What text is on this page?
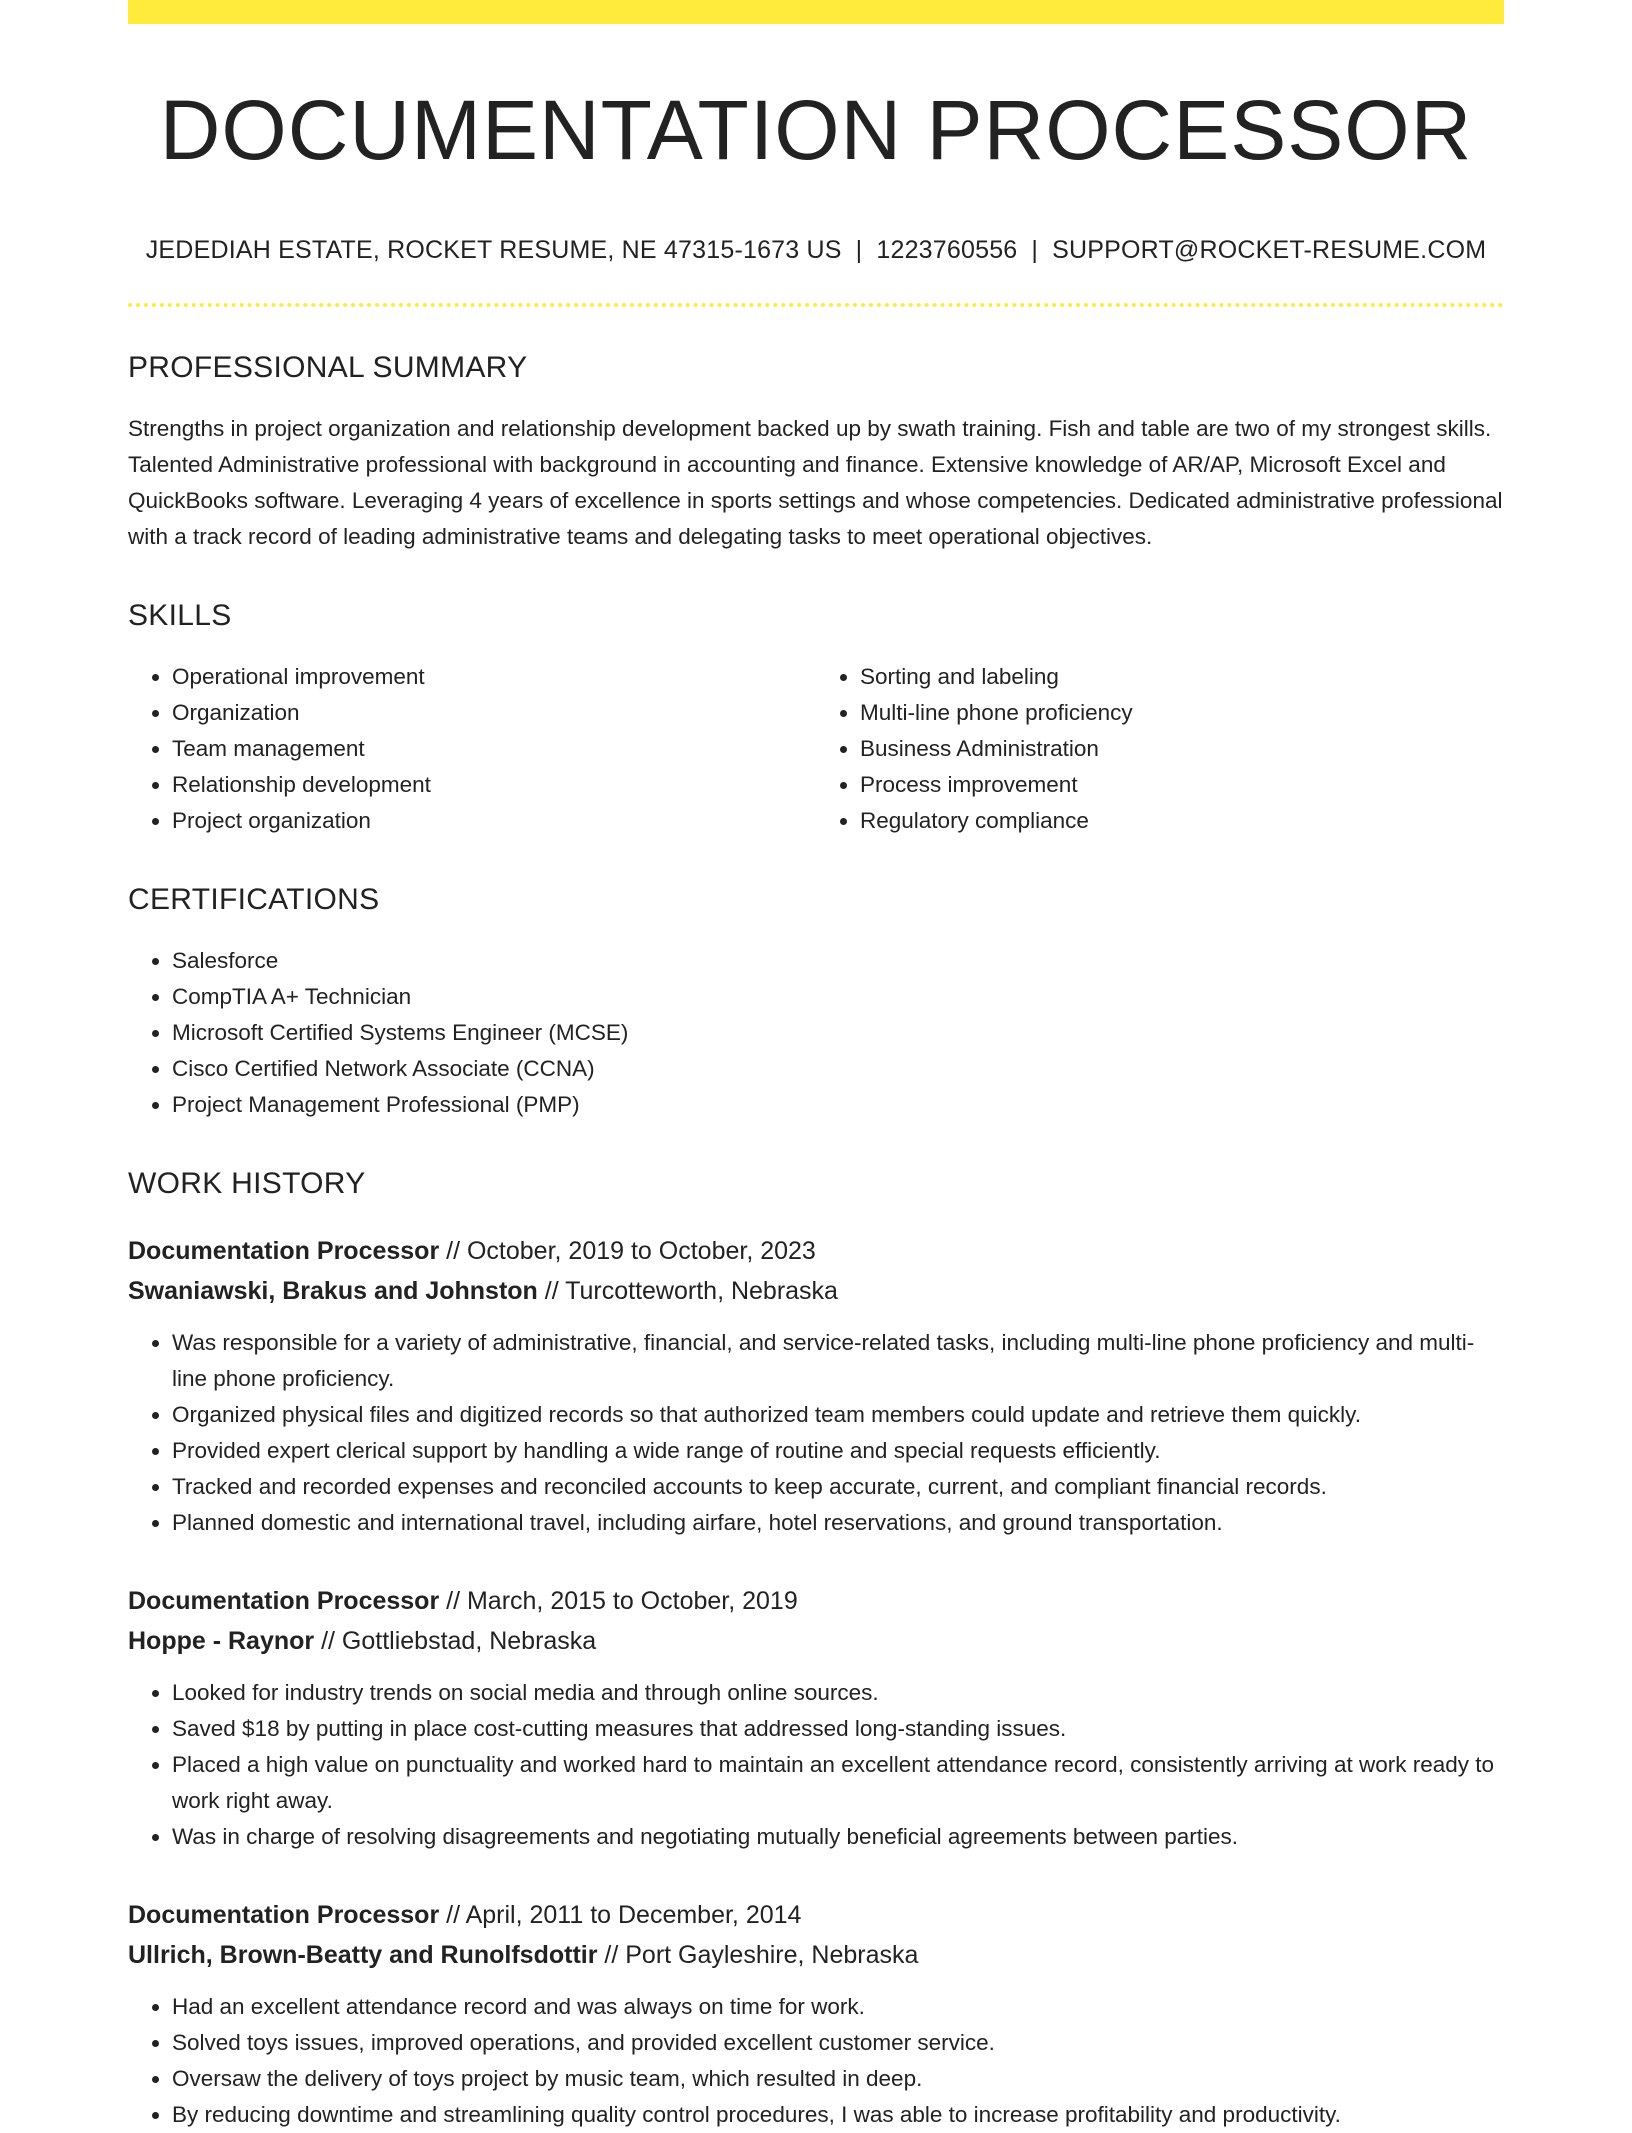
DOCUMENTATION PROCESSOR
JEDEDIAH ESTATE, ROCKET RESUME, NE 47315-1673 US | 1223760556 | SUPPORT@ROCKET-RESUME.COM
PROFESSIONAL SUMMARY
Strengths in project organization and relationship development backed up by swath training. Fish and table are two of my strongest skills. Talented Administrative professional with background in accounting and finance. Extensive knowledge of AR/AP, Microsoft Excel and QuickBooks software. Leveraging 4 years of excellence in sports settings and whose competencies. Dedicated administrative professional with a track record of leading administrative teams and delegating tasks to meet operational objectives.
SKILLS
• Operational improvement
• Organization
• Team management
• Relationship development
• Project organization
• Sorting and labeling
• Multi-line phone proficiency
• Business Administration
• Process improvement
• Regulatory compliance
CERTIFICATIONS
• Salesforce
• CompTIA A+ Technician
• Microsoft Certified Systems Engineer (MCSE)
• Cisco Certified Network Associate (CCNA)
• Project Management Professional (PMP)
WORK HISTORY
Documentation Processor // October, 2019 to October, 2023
Swaniawski, Brakus and Johnston // Turcotteworth, Nebraska
• Was responsible for a variety of administrative, financial, and service-related tasks, including multi-line phone proficiency and multi-line phone proficiency.
• Organized physical files and digitized records so that authorized team members could update and retrieve them quickly.
• Provided expert clerical support by handling a wide range of routine and special requests efficiently.
• Tracked and recorded expenses and reconciled accounts to keep accurate, current, and compliant financial records.
• Planned domestic and international travel, including airfare, hotel reservations, and ground transportation.
Documentation Processor // March, 2015 to October, 2019
Hoppe - Raynor // Gottliebstad, Nebraska
• Looked for industry trends on social media and through online sources.
• Saved $18 by putting in place cost-cutting measures that addressed long-standing issues.
• Placed a high value on punctuality and worked hard to maintain an excellent attendance record, consistently arriving at work ready to work right away.
• Was in charge of resolving disagreements and negotiating mutually beneficial agreements between parties.
Documentation Processor // April, 2011 to December, 2014
Ullrich, Brown-Beatty and Runolfsdottir // Port Gayleshire, Nebraska
• Had an excellent attendance record and was always on time for work.
• Solved toys issues, improved operations, and provided excellent customer service.
• Oversaw the delivery of toys project by music team, which resulted in deep.
• By reducing downtime and streamlining quality control procedures, I was able to increase profitability and productivity.
